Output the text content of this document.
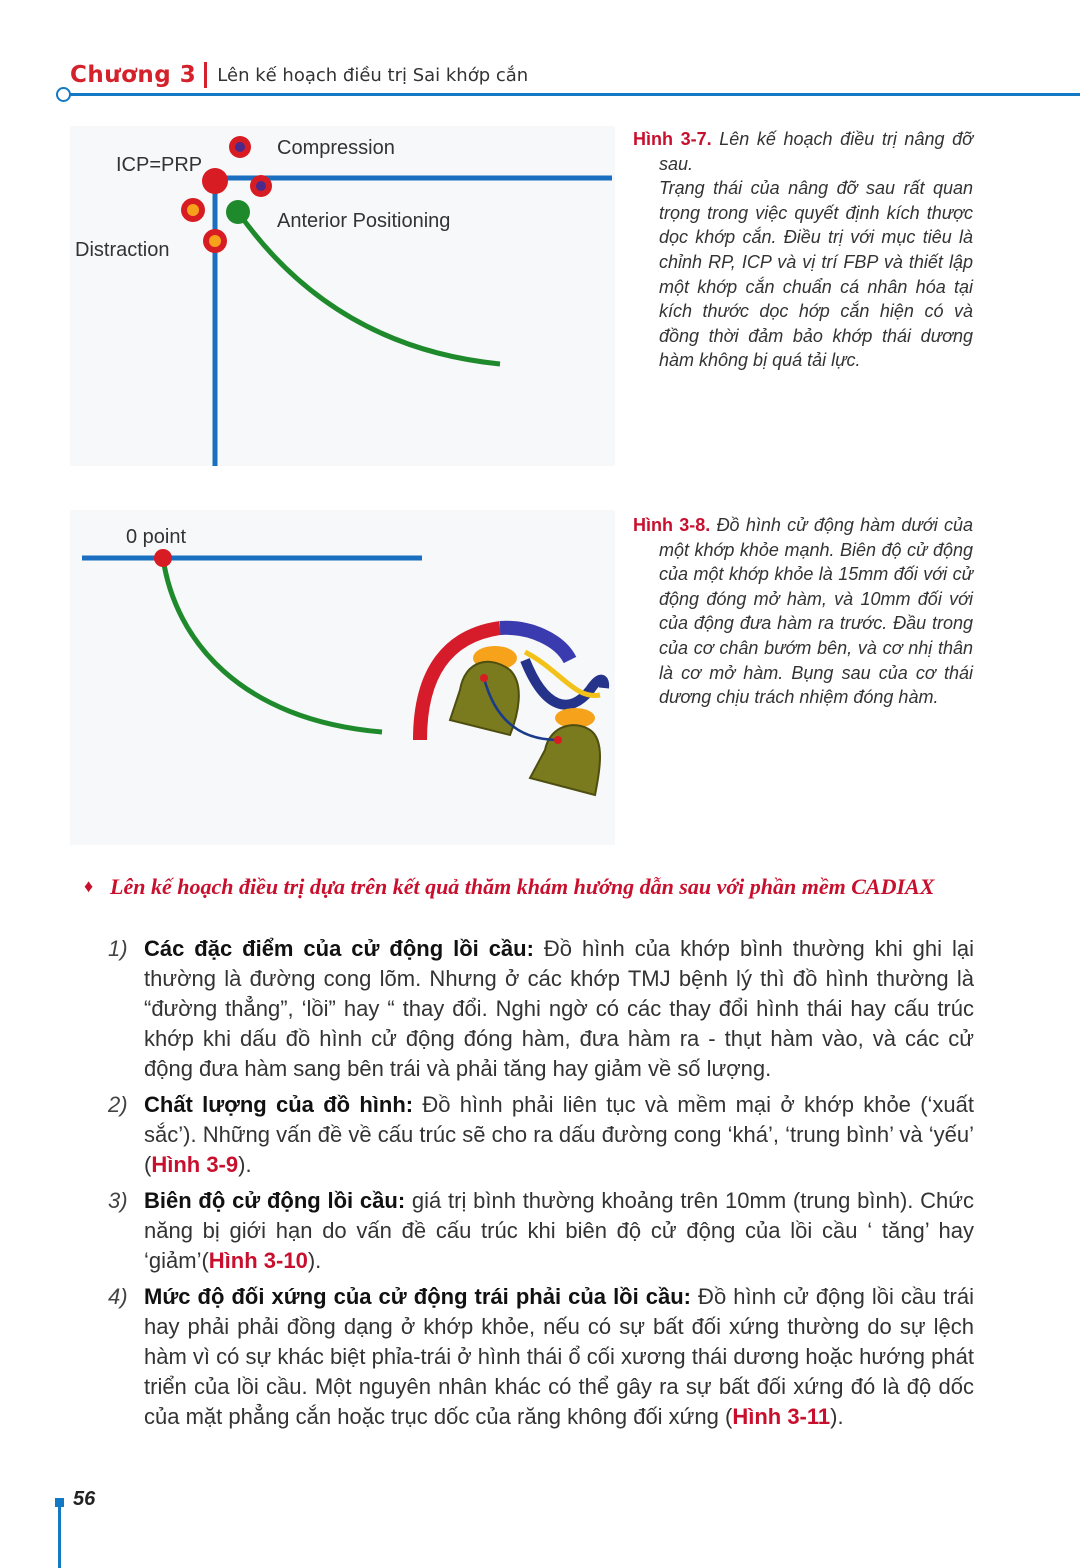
Chương 3 Lên kế hoạch điều trị Sai khớp cắn
Compression
ICP=PRP
Anterior Positioning
Distraction
Hình 3-7. Lên kế hoạch điều trị nâng đỡ sau.
Trạng thái của nâng đỡ sau rất quan trọng trong việc quyết định kích thược dọc khớp cắn. Điều trị với mục tiêu là chỉnh RP, ICP và vị trí FBP và thiết lập một khớp cắn chuẩn cá nhân hóa tại kích thước dọc hớp cắn hiện có và đồng thời đảm bảo khớp thái dương hàm không bị quá tải lực.
0 point
Hình 3-8. Đồ hình cử động hàm dưới của một khớp khỏe mạnh. Biên độ cử động của một khớp khỏe là 15mm đối với cử động đóng mở hàm, và 10mm đối với của động đưa hàm ra trước. Đầu trong của cơ chân bướm bên, và cơ nhị thân là cơ mở hàm. Bụng sau của cơ thái dương chịu trách nhiệm đóng hàm.
♦ Lên kế hoạch điều trị dựa trên kết quả thăm khám hướng dẫn sau với phần mềm CADIAX
1) Các đặc điểm của cử động lồi cầu: Đồ hình của khớp bình thường khi ghi lại thường là đường cong lõm. Nhưng ở các khớp TMJ bệnh lý thì đồ hình thường là “đường thẳng”, ‘lồi” hay “ thay đổi. Nghi ngờ có các thay đổi hình thái hay cấu trúc khớp khi dấu đồ hình cử động đóng hàm, đưa hàm ra - thụt hàm vào, và các cử động đưa hàm sang bên trái và phải tăng hay giảm về số lượng.
2) Chất lượng của đồ hình: Đồ hình phải liên tục và mềm mại ở khớp khỏe (‘xuất sắc’). Những vấn đề về cấu trúc sẽ cho ra dấu đường cong ‘khá’, ‘trung bình’ và ‘yếu’ (Hình 3-9).
3) Biên độ cử động lồi cầu: giá trị bình thường khoảng trên 10mm (trung bình). Chức năng bị giới hạn do vấn đề cấu trúc khi biên độ cử động của lồi cầu ‘ tăng’ hay ‘giảm’(Hình 3-10).
4) Mức độ đối xứng của cử động trái phải của lồi cầu: Đồ hình cử động lồi cầu trái hay phải phải đồng dạng ở khớp khỏe, nếu có sự bất đối xứng thường do sự lệch hàm vì có sự khác biệt phỉa-trái ở hình thái ổ cối xương thái dương hoặc hướng phát triển của lồi cầu. Một nguyên nhân khác có thể gây ra sự bất đối xứng đó là độ dốc của mặt phẳng cắn hoặc trục dốc của răng không đối xứng (Hình 3-11).
56
